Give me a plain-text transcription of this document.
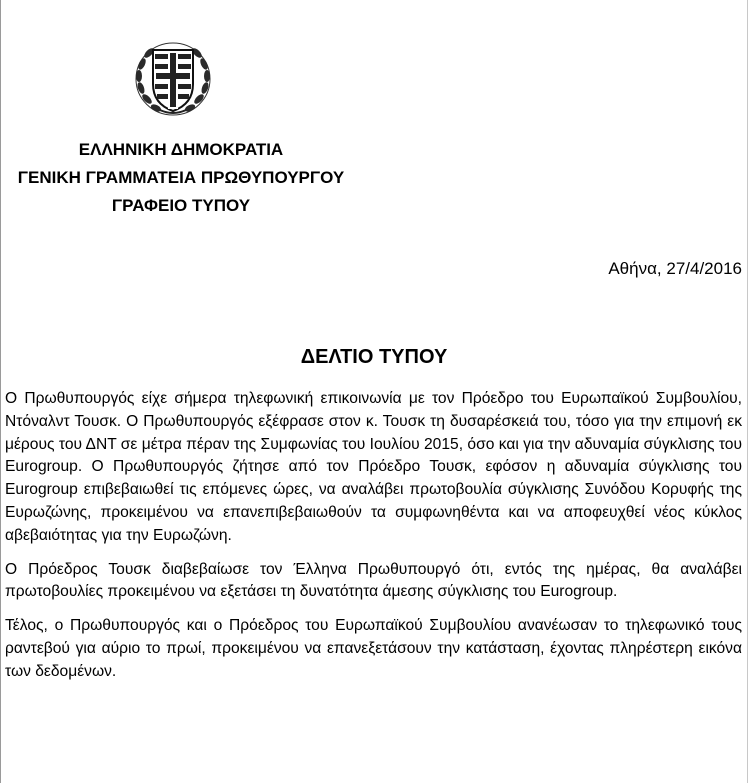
ΕΛΛΗΝΙΚΗ ΔΗΜΟΚΡΑΤΙΑ
ΓΕΝΙΚΗ ΓΡΑΜΜΑΤΕΙΑ ΠΡΩΘΥΠΟΥΡΓΟΥ
ΓΡΑΦΕΙΟ ΤΥΠΟΥ
Αθήνα, 27/4/2016
ΔΕΛΤΙΟ ΤΥΠΟΥ

Ο Πρωθυπουργός είχε σήμερα τηλεφωνική επικοινωνία με τον Πρόεδρο του Ευρωπαϊκού Συμβουλίου, Ντόναλντ Τουσκ. Ο Πρωθυπουργός εξέφρασε στον κ. Τουσκ τη δυσαρέσκειά του, τόσο για την επιμονή εκ μέρους του ΔΝΤ σε μέτρα πέραν της Συμφωνίας του Ιουλίου 2015, όσο και για την αδυναμία σύγκλισης του Eurogroup. Ο Πρωθυπουργός ζήτησε από τον Πρόεδρο Τουσκ, εφόσον η αδυναμία σύγκλισης του Eurogroup επιβεβαιωθεί τις επόμενες ώρες, να αναλάβει πρωτοβουλία σύγκλισης Συνόδου Κορυφής της Ευρωζώνης, προκειμένου να επανεπιβεβαιωθούν τα συμφωνηθέντα και να αποφευχθεί νέος κύκλος αβεβαιότητας για την Ευρωζώνη.

Ο Πρόεδρος Τουσκ διαβεβαίωσε τον Έλληνα Πρωθυπουργό ότι, εντός της ημέρας, θα αναλάβει πρωτοβουλίες προκειμένου να εξετάσει τη δυνατότητα άμεσης σύγκλισης του Eurogroup.

Τέλος, ο Πρωθυπουργός και ο Πρόεδρος του Ευρωπαϊκού Συμβουλίου ανανέωσαν το τηλεφωνικό τους ραντεβού για αύριο το πρωί, προκειμένου να επανεξετάσουν την κατάσταση, έχοντας πληρέστερη εικόνα των δεδομένων.
